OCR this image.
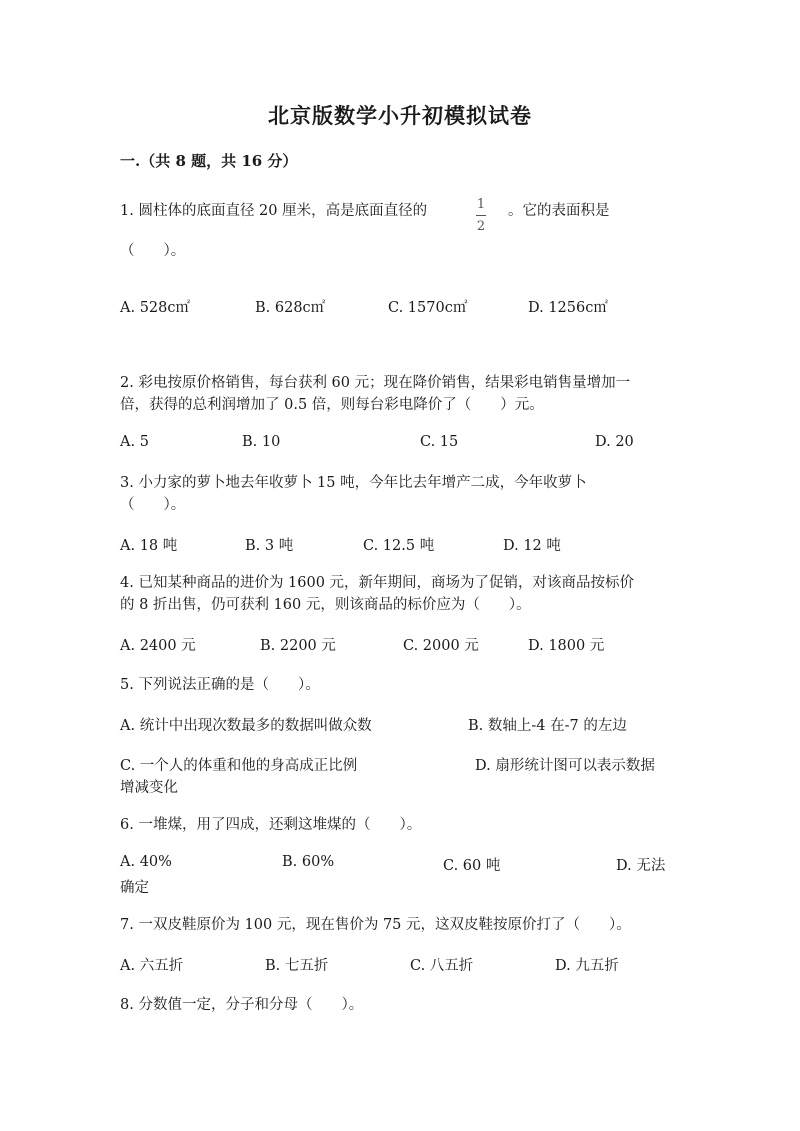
北京版数学小升初模拟试卷
一.（共 8 题，共 16 分）
1. 圆柱体的底面直径 20 厘米，高是底面直径的	1
2
。它的表面积是
（　　）。
A. 528c㎡	B. 628c㎡	C. 1570c㎡	D. 1256c㎡
2. 彩电按原价格销售，每台获利 60 元；现在降价销售，结果彩电销售量增加一
倍，获得的总利润增加了 0.5 倍，则每台彩电降价了（　　）元。
A. 5	B. 10	C. 15	D. 20
3. 小力家的萝卜地去年收萝卜 15 吨，今年比去年增产二成，今年收萝卜
（　　）。
A. 18 吨	B. 3 吨	C. 12.5 吨	D. 12 吨
4. 已知某种商品的进价为 1600 元，新年期间，商场为了促销，对该商品按标价
的 8 折出售，仍可获利 160 元，则该商品的标价应为（　　）。
A. 2400 元	B. 2200 元	C. 2000 元	D. 1800 元
5. 下列说法正确的是（　　）。
A. 统计中出现次数最多的数据叫做众数	B. 数轴上-4 在-7 的左边
C. 一个人的体重和他的身高成正比例	D. 扇形统计图可以表示数据
增减变化
6. 一堆煤，用了四成，还剩这堆煤的（　　）。
A. 40%	B. 60%	C. 60 吨	D. 无法
确定
7. 一双皮鞋原价为 100 元，现在售价为 75 元，这双皮鞋按原价打了（　　）。
A. 六五折	B. 七五折	C. 八五折	D. 九五折
8. 分数值一定，分子和分母（　　）。
